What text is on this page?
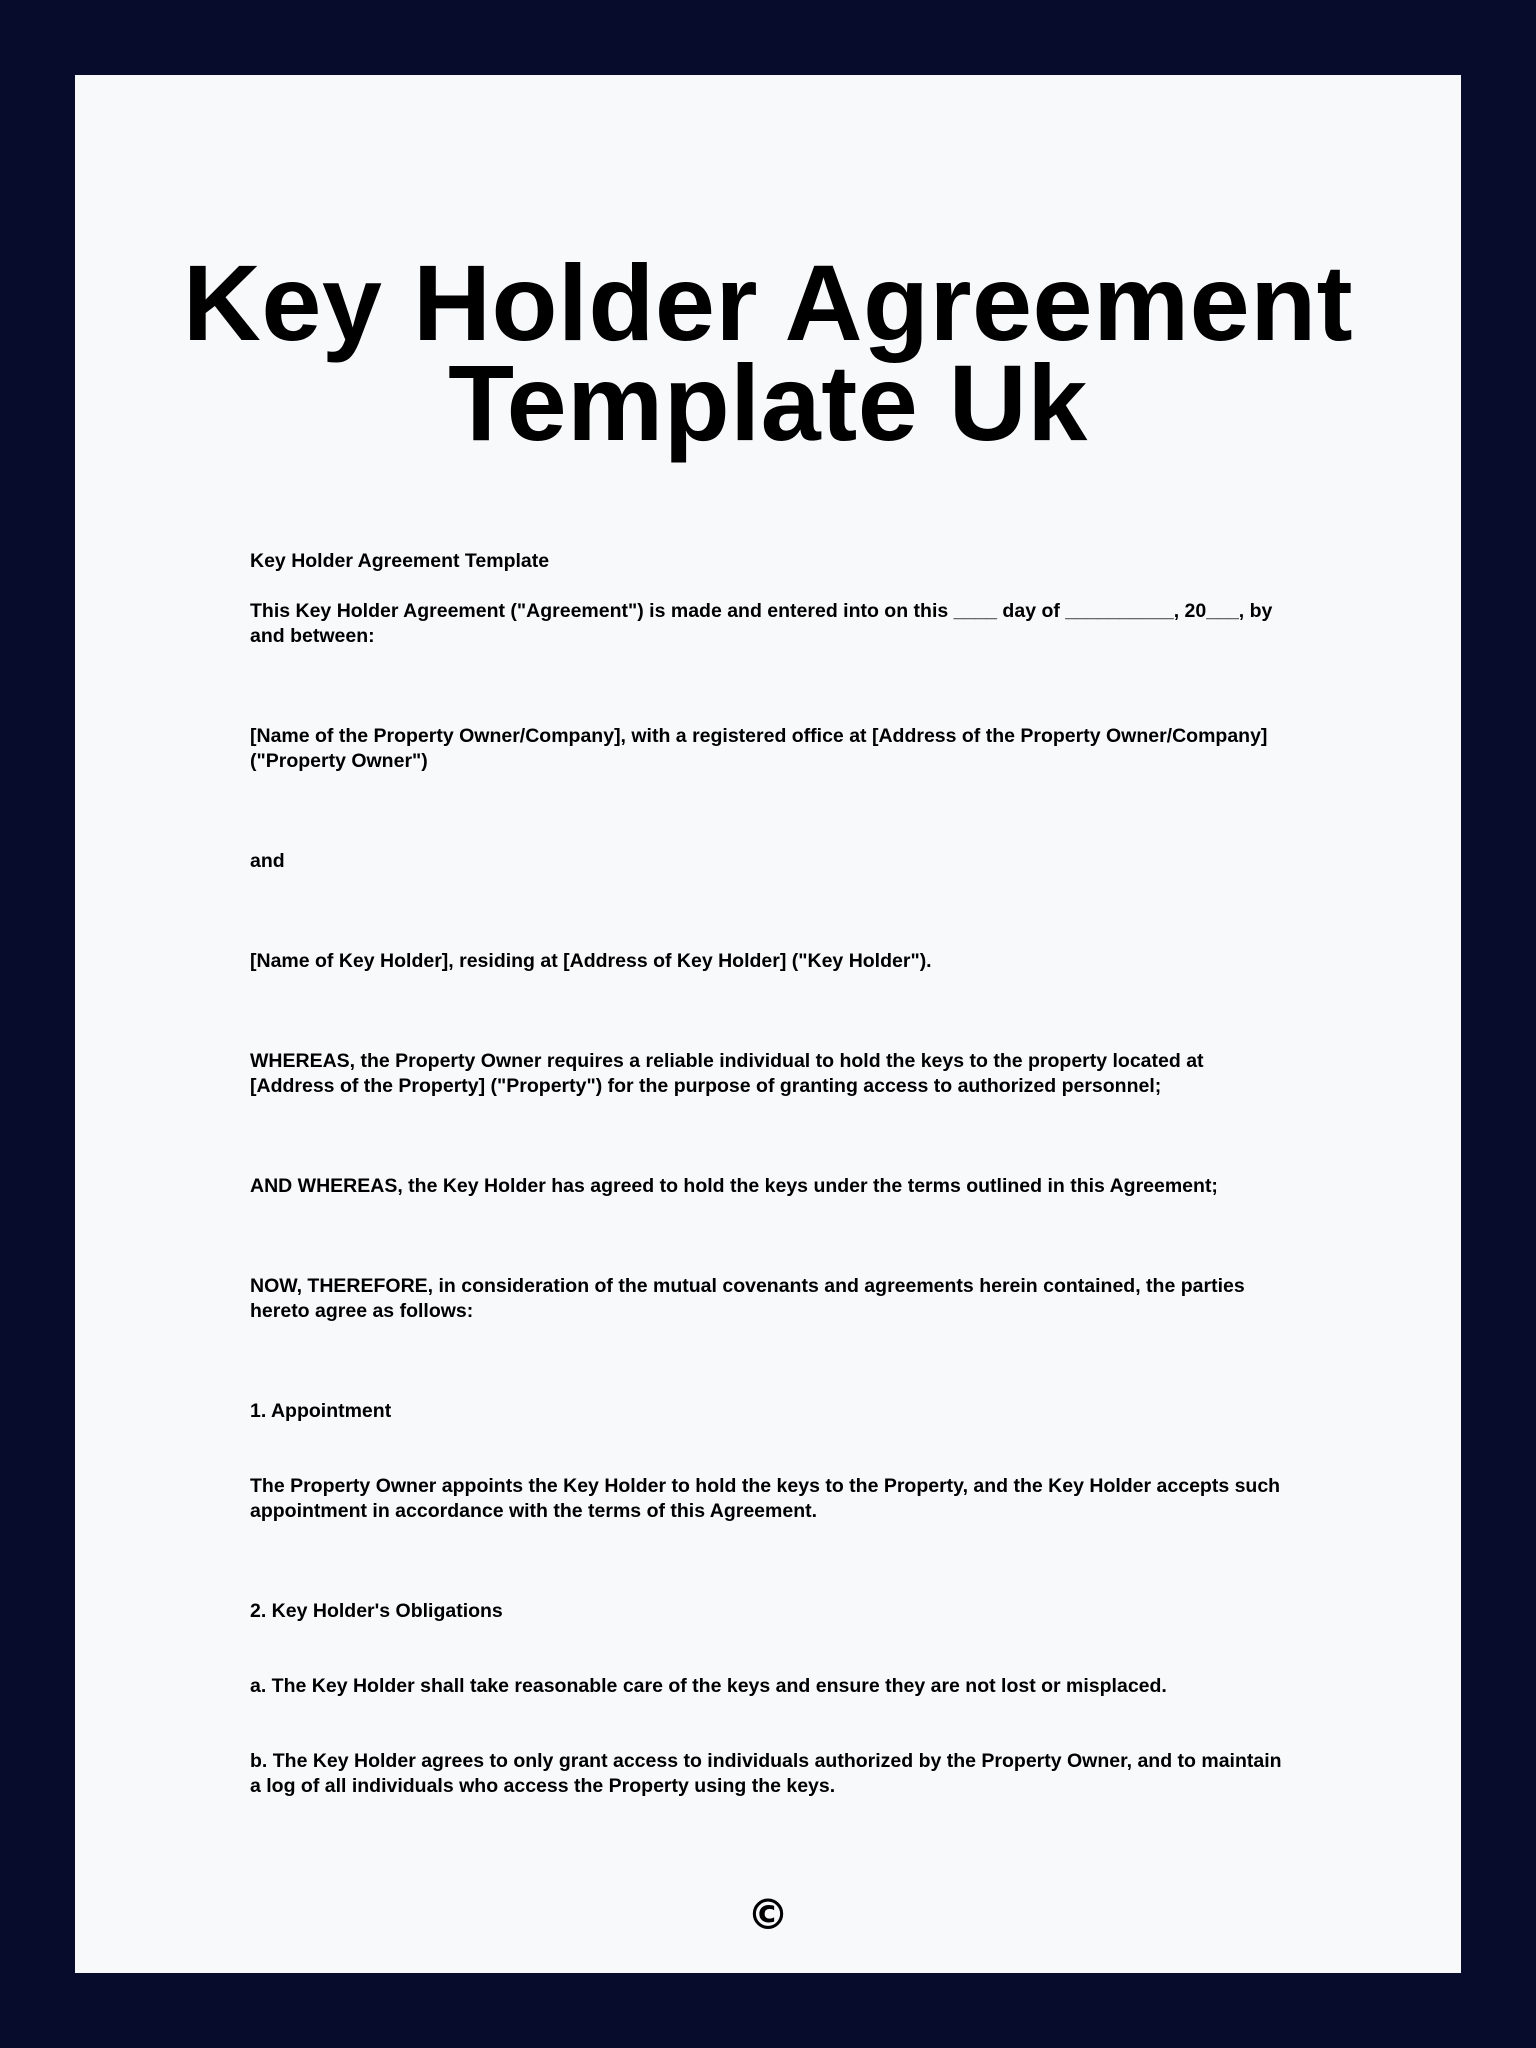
Key Holder Agreement
Template Uk

Key Holder Agreement Template

This Key Holder Agreement ("Agreement") is made and entered into on this ____ day of __________, 20___, by and between:

[Name of the Property Owner/Company], with a registered office at [Address of the Property Owner/Company] ("Property Owner")

and

[Name of Key Holder], residing at [Address of Key Holder] ("Key Holder").

WHEREAS, the Property Owner requires a reliable individual to hold the keys to the property located at [Address of the Property] ("Property") for the purpose of granting access to authorized personnel;

AND WHEREAS, the Key Holder has agreed to hold the keys under the terms outlined in this Agreement;

NOW, THEREFORE, in consideration of the mutual covenants and agreements herein contained, the parties hereto agree as follows:

1. Appointment

The Property Owner appoints the Key Holder to hold the keys to the Property, and the Key Holder accepts such appointment in accordance with the terms of this Agreement.

2. Key Holder's Obligations

a. The Key Holder shall take reasonable care of the keys and ensure they are not lost or misplaced.

b. The Key Holder agrees to only grant access to individuals authorized by the Property Owner, and to maintain a log of all individuals who access the Property using the keys.

©
